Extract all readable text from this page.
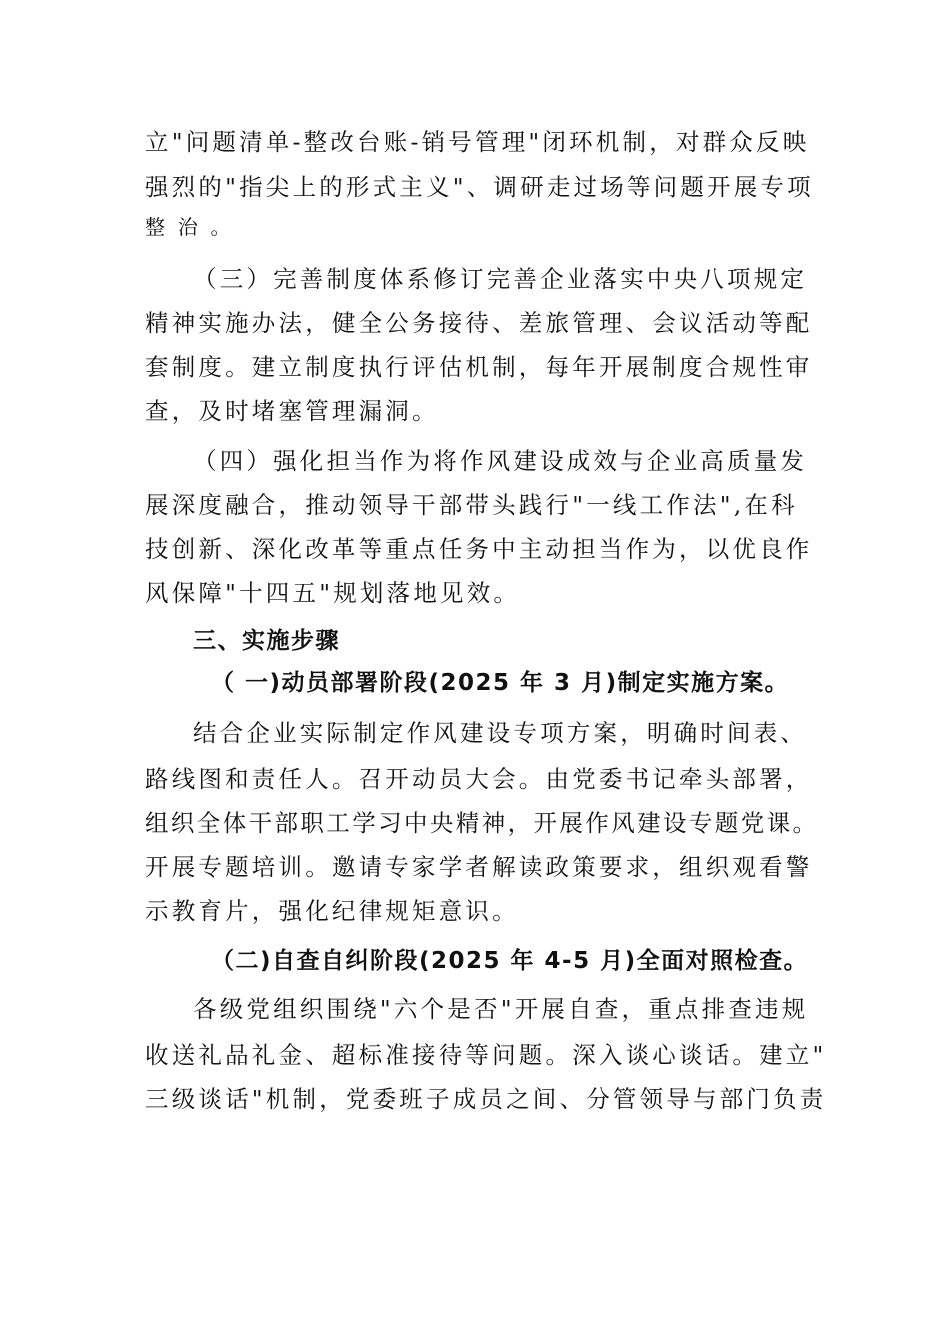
立"问题清单-整改台账-销号管理"闭环机制，对群众反映
强烈的"指尖上的形式主义"、调研走过场等问题开展专项
整 治 。
（三）完善制度体系修订完善企业落实中央八项规定
精神实施办法，健全公务接待、差旅管理、会议活动等配
套制度。建立制度执行评估机制，每年开展制度合规性审
查，及时堵塞管理漏洞。
（四）强化担当作为将作风建设成效与企业高质量发
展深度融合，推动领导干部带头践行"一线工作法",在科
技创新、深化改革等重点任务中主动担当作为，以优良作
风保障"十四五"规划落地见效。
三、实施步骤
（ 一)动员部署阶段(2025 年 3 月)制定实施方案。
结合企业实际制定作风建设专项方案，明确时间表、
路线图和责任人。召开动员大会。由党委书记牵头部署，
组织全体干部职工学习中央精神，开展作风建设专题党课。
开展专题培训。邀请专家学者解读政策要求，组织观看警
示教育片，强化纪律规矩意识。
（二)自查自纠阶段(2025 年 4-5 月)全面对照检查。
各级党组织围绕"六个是否"开展自查，重点排查违规
收送礼品礼金、超标准接待等问题。深入谈心谈话。建立"
三级谈话"机制，党委班子成员之间、分管领导与部门负责
